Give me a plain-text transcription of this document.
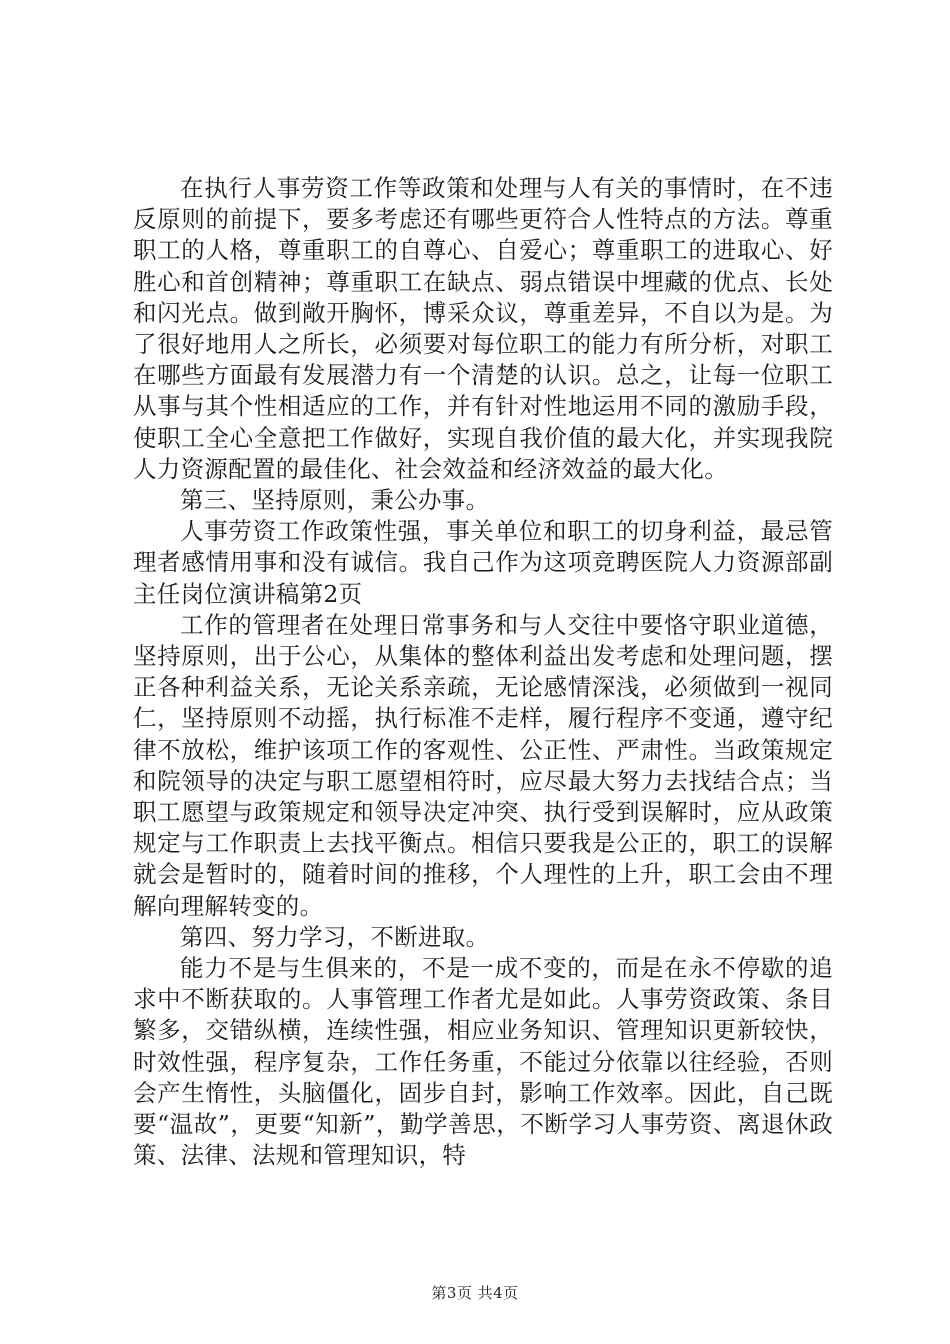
在执行人事劳资工作等政策和处理与人有关的事情时，在不违反原则的前提下，要多考虑还有哪些更符合人性特点的方法。尊重职工的人格，尊重职工的自尊心、自爱心；尊重职工的进取心、好胜心和首创精神；尊重职工在缺点、弱点错误中埋藏的优点、长处和闪光点。做到敞开胸怀，博采众议，尊重差异，不自以为是。为了很好地用人之所长，必须要对每位职工的能力有所分析，对职工在哪些方面最有发展潜力有一个清楚的认识。总之，让每一位职工从事与其个性相适应的工作，并有针对性地运用不同的激励手段，使职工全心全意把工作做好，实现自我价值的最大化，并实现我院人力资源配置的最佳化、社会效益和经济效益的最大化。

第三、坚持原则，秉公办事。

人事劳资工作政策性强，事关单位和职工的切身利益，最忌管理者感情用事和没有诚信。我自己作为这项竞聘医院人力资源部副主任岗位演讲稿第2页

工作的管理者在处理日常事务和与人交往中要恪守职业道德，坚持原则，出于公心，从集体的整体利益出发考虑和处理问题，摆正各种利益关系，无论关系亲疏，无论感情深浅，必须做到一视同仁，坚持原则不动摇，执行标准不走样，履行程序不变通，遵守纪律不放松，维护该项工作的客观性、公正性、严肃性。当政策规定和院领导的决定与职工愿望相符时，应尽最大努力去找结合点；当职工愿望与政策规定和领导决定冲突、执行受到误解时，应从政策规定与工作职责上去找平衡点。相信只要我是公正的，职工的误解就会是暂时的，随着时间的推移，个人理性的上升，职工会由不理解向理解转变的。

第四、努力学习，不断进取。

能力不是与生俱来的，不是一成不变的，而是在永不停歇的追求中不断获取的。人事管理工作者尤是如此。人事劳资政策、条目繁多，交错纵横，连续性强，相应业务知识、管理知识更新较快，时效性强，程序复杂，工作任务重，不能过分依靠以往经验，否则会产生惰性，头脑僵化，固步自封，影响工作效率。因此，自己既要“温故”，更要“知新”，勤学善思，不断学习人事劳资、离退休政策、法律、法规和管理知识，特

第3页 共4页
